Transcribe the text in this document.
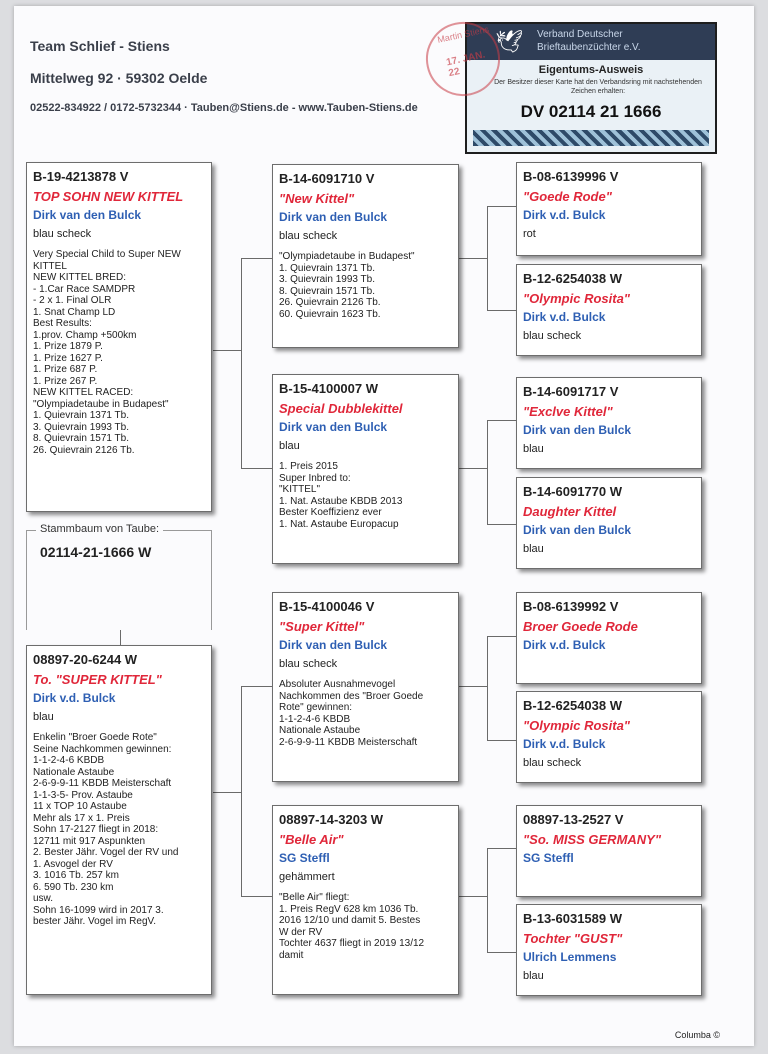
Team Schlief - Stiens
Mittelweg 92 · 59302 Oelde
02522-834922 / 0172-5732344 · Tauben@Stiens.de - www.Tauben-Stiens.de
🕊	Verband Deutscher
Brieftaubenzüchter e.V.
Eigentums-Ausweis
Der Besitzer dieser Karte hat den Verbandsring mit nachstehenden Zeichen erhalten:
DV 02114 21 1666
Martin Stiens
17. JAN. 22
Stammbaum von Taube:
02114-21-1666 W
B-19-4213878 V
TOP SOHN NEW KITTEL
Dirk van den Bulck
blau scheck
Very Special Child to Super NEW
KITTEL
NEW KITTEL BRED:
- 1.Car Race SAMDPR
- 2 x 1. Final OLR
1. Snat Champ LD
Best Results:
1.prov. Champ +500km
1. Prize 1879 P.
1. Prize 1627 P.
1. Prize 687 P.
1. Prize 267 P.
NEW KITTEL RACED:
"Olympiadetaube in Budapest"
1. Quievrain 1371 Tb.
3. Quievrain 1993 Tb.
8. Quievrain 1571 Tb.
26. Quievrain 2126 Tb.
08897-20-6244 W
To. "SUPER KITTEL"
Dirk v.d. Bulck
blau
Enkelin "Broer Goede Rote"
Seine Nachkommen gewinnen:
1-1-2-4-6 KBDB
Nationale Astaube
2-6-9-9-11 KBDB Meisterschaft
1-1-3-5- Prov. Astaube
11 x TOP 10 Astaube
Mehr als 17 x 1. Preis
Sohn 17-2127 fliegt in 2018:
12711 mit 917 Aspunkten
2. Bester Jähr. Vogel der RV und
1. Asvogel der RV
3. 1016 Tb. 257 km
6. 590 Tb. 230 km
usw.
Sohn 16-1099 wird in 2017 3.
bester Jähr. Vogel im RegV.
B-14-6091710 V
"New Kittel"
Dirk van den Bulck
blau scheck
"Olympiadetaube in Budapest"
1. Quievrain 1371 Tb.
3. Quievrain 1993 Tb.
8. Quievrain 1571 Tb.
26. Quievrain 2126 Tb.
60. Quievrain 1623 Tb.
B-15-4100007 W
Special Dubblekittel
Dirk van den Bulck
blau
1. Preis 2015
Super Inbred to:
"KITTEL"
1. Nat. Astaube KBDB 2013
Bester Koeffizienz ever
1. Nat. Astaube Europacup
B-15-4100046 V
"Super Kittel"
Dirk van den Bulck
blau scheck
Absoluter Ausnahmevogel
Nachkommen des "Broer Goede
Rote" gewinnen:
1-1-2-4-6 KBDB
Nationale Astaube
2-6-9-9-11 KBDB Meisterschaft
08897-14-3203 W
"Belle Air"
SG Steffl
gehämmert
"Belle Air" fliegt:
1. Preis RegV 628 km 1036 Tb.
2016 12/10 und damit 5. Bestes
W der RV
Tochter 4637 fliegt in 2019 13/12
damit
B-08-6139996 V
"Goede Rode"
Dirk v.d. Bulck
rot
B-12-6254038 W
"Olympic Rosita"
Dirk v.d. Bulck
blau scheck
B-14-6091717 V
"Exclve Kittel"
Dirk van den Bulck
blau
B-14-6091770 W
Daughter Kittel
Dirk van den Bulck
blau
B-08-6139992 V
Broer Goede Rode
Dirk v.d. Bulck
B-12-6254038 W
"Olympic Rosita"
Dirk v.d. Bulck
blau scheck
08897-13-2527 V
"So. MISS GERMANY"
SG Steffl
B-13-6031589 W
Tochter "GUST"
Ulrich Lemmens
blau
Columba ©
